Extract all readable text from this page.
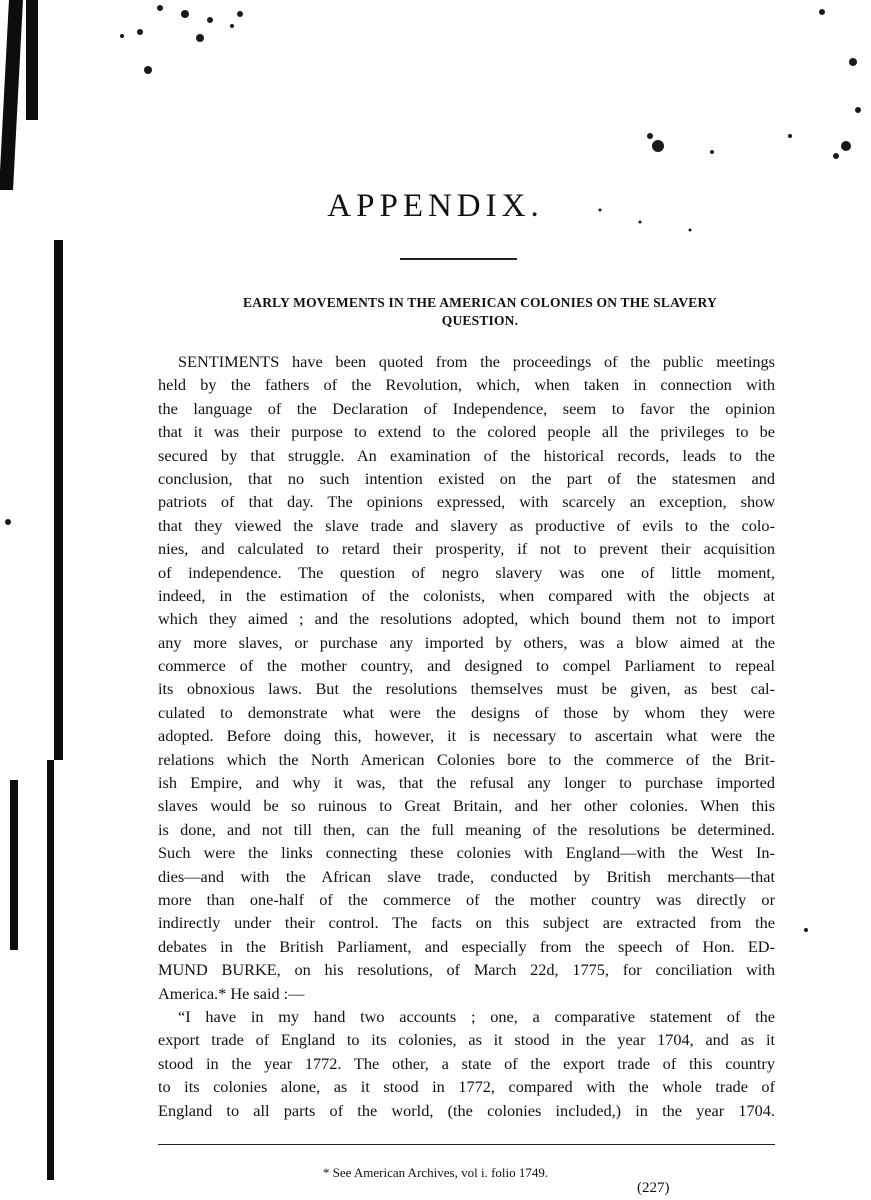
APPENDIX.
EARLY MOVEMENTS IN THE AMERICAN COLONIES ON THE SLAVERY
QUESTION.
SENTIMENTS have been quoted from the proceedings of the public meetings
held by the fathers of the Revolution, which, when taken in connection with
the language of the Declaration of Independence, seem to favor the opinion
that it was their purpose to extend to the colored people all the privileges to be
secured by that struggle. An examination of the historical records, leads to the
conclusion, that no such intention existed on the part of the statesmen and
patriots of that day. The opinions expressed, with scarcely an exception, show
that they viewed the slave trade and slavery as productive of evils to the colo-
nies, and calculated to retard their prosperity, if not to prevent their acquisition
of independence. The question of negro slavery was one of little moment,
indeed, in the estimation of the colonists, when compared with the objects at
which they aimed ; and the resolutions adopted, which bound them not to import
any more slaves, or purchase any imported by others, was a blow aimed at the
commerce of the mother country, and designed to compel Parliament to repeal
its obnoxious laws. But the resolutions themselves must be given, as best cal-
culated to demonstrate what were the designs of those by whom they were
adopted. Before doing this, however, it is necessary to ascertain what were the
relations which the North American Colonies bore to the commerce of the Brit-
ish Empire, and why it was, that the refusal any longer to purchase imported
slaves would be so ruinous to Great Britain, and her other colonies. When this
is done, and not till then, can the full meaning of the resolutions be determined.
Such were the links connecting these colonies with England—with the West In-
dies—and with the African slave trade, conducted by British merchants—that
more than one-half of the commerce of the mother country was directly or
indirectly under their control. The facts on this subject are extracted from the
debates in the British Parliament, and especially from the speech of Hon. ED-
MUND BURKE, on his resolutions, of March 22d, 1775, for conciliation with
America.* He said :—
“I have in my hand two accounts ; one, a comparative statement of the
export trade of England to its colonies, as it stood in the year 1704, and as it
stood in the year 1772. The other, a state of the export trade of this country
to its colonies alone, as it stood in 1772, compared with the whole trade of
England to all parts of the world, (the colonies included,) in the year 1704.
* See American Archives, vol i. folio 1749.
(227)
